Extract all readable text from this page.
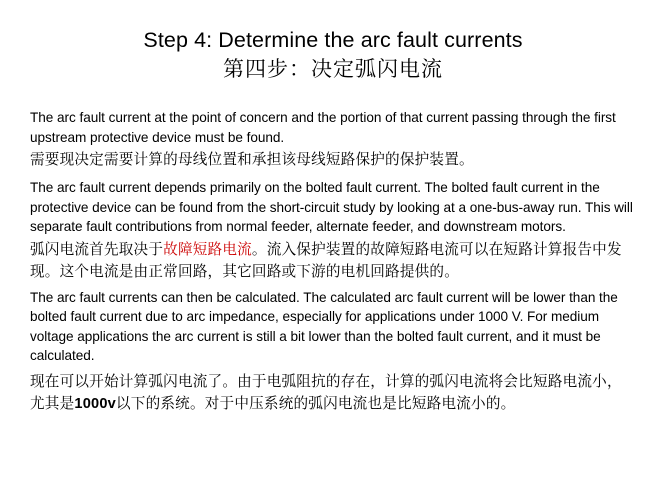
Step 4: Determine the arc fault currents
第四步：决定弧闪电流

The arc fault current at the point of concern and the portion of that current passing through the first upstream protective device must be found.

需要现决定需要计算的母线位置和承担该母线短路保护的保护装置。

The arc fault current depends primarily on the bolted fault current. The bolted fault current in the protective device can be found from the short-circuit study by looking at a one-bus-away run. This will separate fault contributions from normal feeder, alternate feeder, and downstream motors.

弧闪电流首先取决于故障短路电流。流入保护装置的故障短路电流可以在短路计算报告中发现。这个电流是由正常回路，其它回路或下游的电机回路提供的。

The arc fault currents can then be calculated. The calculated arc fault current will be lower than the bolted fault current due to arc impedance, especially for applications under 1000 V. For medium voltage applications the arc current is still a bit lower than the bolted fault current, and it must be calculated.

现在可以开始计算弧闪电流了。由于电弧阻抗的存在，计算的弧闪电流将会比短路电流小，尤其是1000v以下的系统。对于中压系统的弧闪电流也是比短路电流小的。
